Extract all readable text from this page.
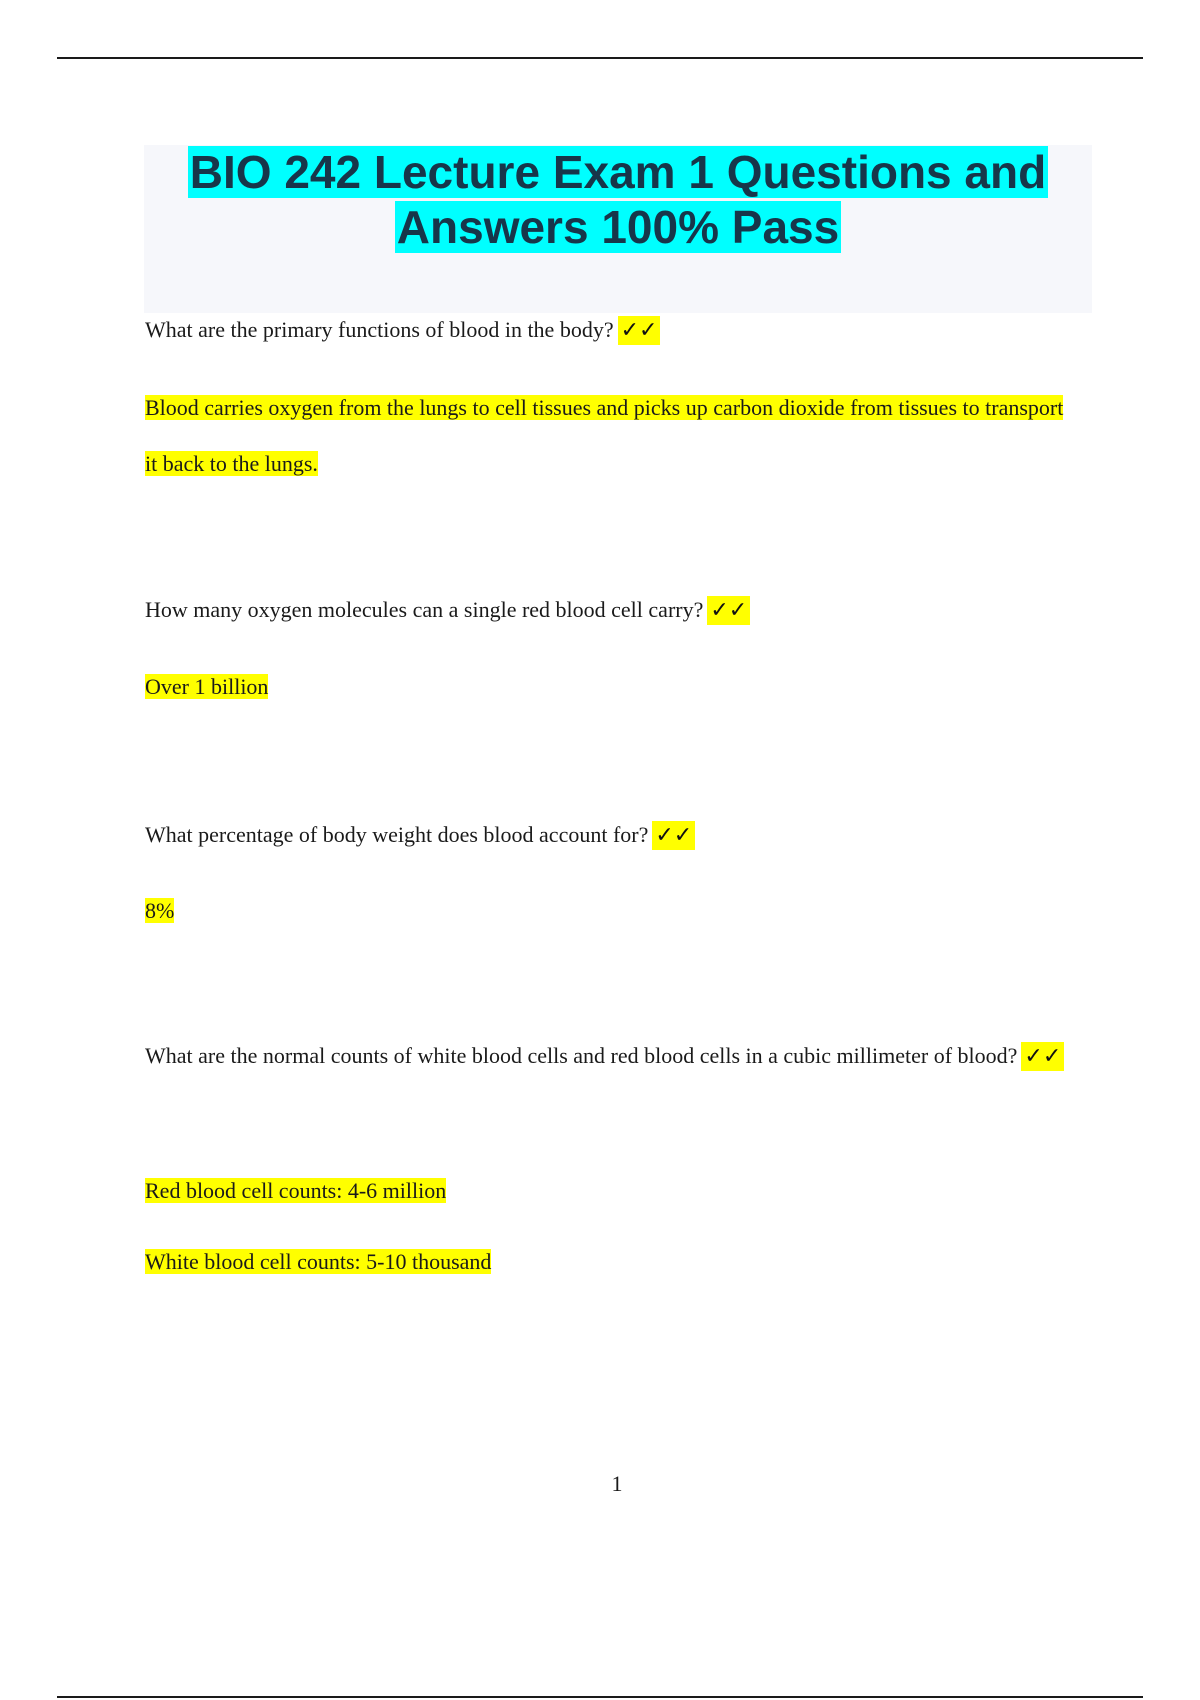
BIO 242 Lecture Exam 1 Questions and Answers 100% Pass

What are the primary functions of blood in the body? ✓✓

Blood carries oxygen from the lungs to cell tissues and picks up carbon dioxide from tissues to transport it back to the lungs.

How many oxygen molecules can a single red blood cell carry? ✓✓

Over 1 billion

What percentage of body weight does blood account for? ✓✓

8%

What are the normal counts of white blood cells and red blood cells in a cubic millimeter of blood? ✓✓

Red blood cell counts: 4-6 million

White blood cell counts: 5-10 thousand

1
